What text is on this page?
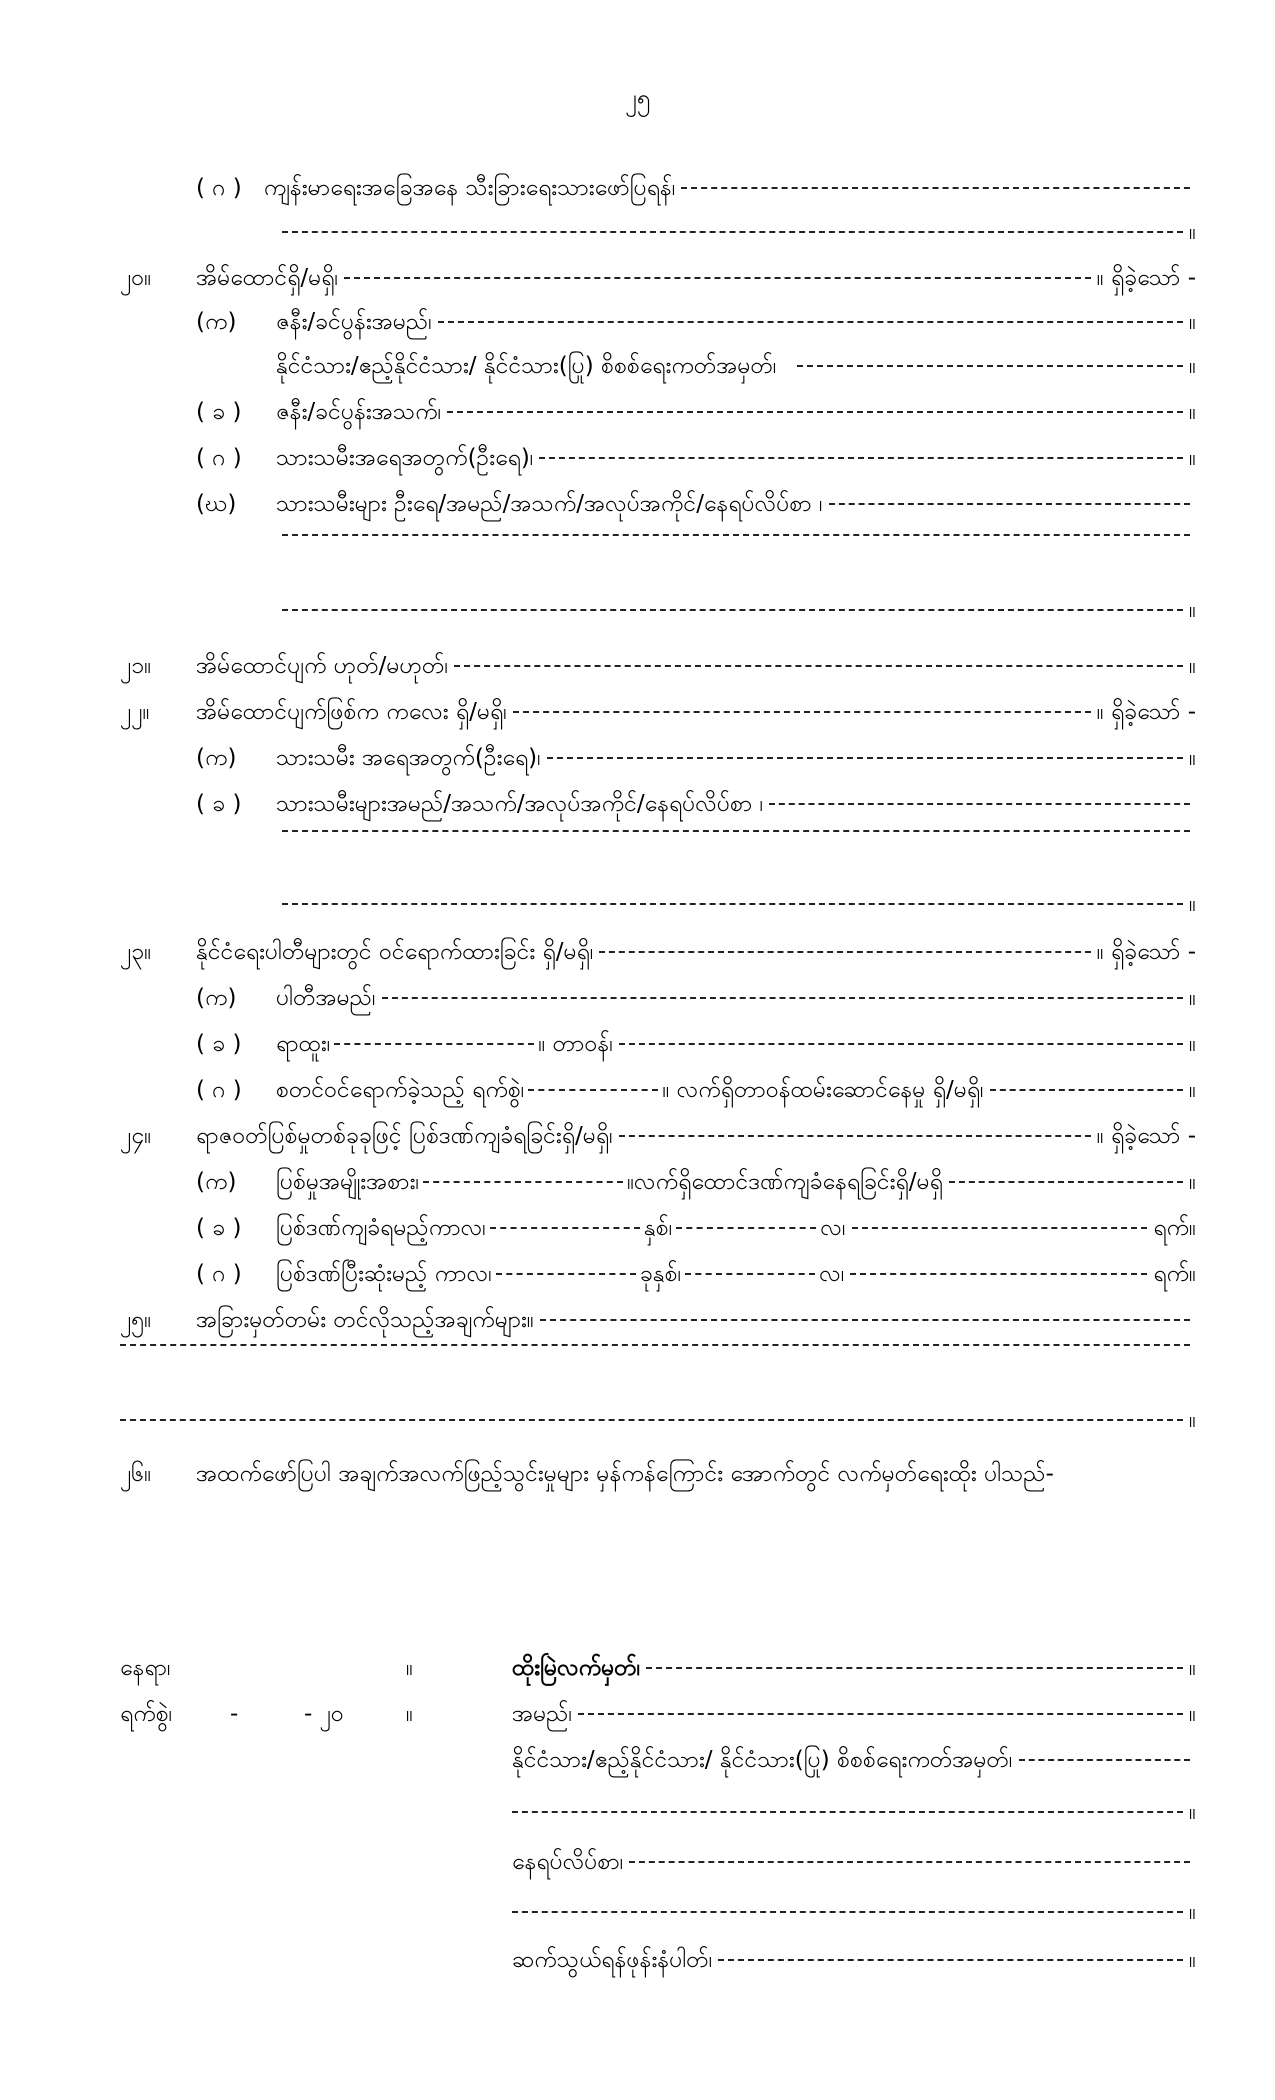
၂၅
( ဂ ) ကျန်းမာရေးအခြေအနေ သီးခြားရေးသားဖော်ပြရန်၊
။
၂၀။	အိမ်ထောင်ရှိ/မရှိ၊	။ ရှိခဲ့သော် -
(က)	ဇနီး/ခင်ပွန်းအမည်၊	။
နိုင်ငံသား/ဧည့်နိုင်ငံသား/ နိုင်ငံသား(ပြု) စိစစ်ရေးကတ်အမှတ်၊	။
( ခ )	ဇနီး/ခင်ပွန်းအသက်၊	။
( ဂ )	သားသမီးအရေအတွက်(ဦးရေ)၊	။
(ဃ)	သားသမီးများ ဦးရေ/အမည်/အသက်/အလုပ်အကိုင်/နေရပ်လိပ်စာ ၊
။
၂၁။	အိမ်ထောင်ပျက် ဟုတ်/မဟုတ်၊	။
၂၂။	အိမ်ထောင်ပျက်ဖြစ်က ကလေး ရှိ/မရှိ၊	။ ရှိခဲ့သော် -
(က)	သားသမီး အရေအတွက်(ဦးရေ)၊	။
( ခ )	သားသမီးများအမည်/အသက်/အလုပ်အကိုင်/နေရပ်လိပ်စာ ၊
။
၂၃။	နိုင်ငံရေးပါတီများတွင် ဝင်ရောက်ထားခြင်း ရှိ/မရှိ၊	။ ရှိခဲ့သော် -
(က)	ပါတီအမည်၊	။
( ခ )	ရာထူး၊	။ တာဝန်၊	။
( ဂ )	စတင်ဝင်ရောက်ခဲ့သည့် ရက်စွဲ၊	။ လက်ရှိတာဝန်ထမ်းဆောင်နေမှု ရှိ/မရှိ၊	။
၂၄။	ရာဇဝတ်ပြစ်မှုတစ်ခုခုဖြင့် ပြစ်ဒဏ်ကျခံရခြင်းရှိ/မရှိ၊	။ ရှိခဲ့သော် -
(က)	ပြစ်မှုအမျိုးအစား၊	။လက်ရှိထောင်ဒဏ်ကျခံနေရခြင်းရှိ/မရှိ	။
( ခ )	ပြစ်ဒဏ်ကျခံရမည့်ကာလ၊	နှစ်၊	လ၊	ရက်။
( ဂ )	ပြစ်ဒဏ်ပြီးဆုံးမည့် ကာလ၊	ခုနှစ်၊	လ၊	ရက်။
၂၅။	အခြားမှတ်တမ်း တင်လိုသည့်အချက်များ။
။
၂၆။ အထက်ဖော်ပြပါ အချက်အလက်ဖြည့်သွင်းမှုများ မှန်ကန်ကြောင်း အောက်တွင် လက်မှတ်ရေးထိုး ပါသည်-
နေရာ၊	။
ရက်စွဲ၊	-	- ၂၀	။
ထိုးမြဲလက်မှတ်၊	။
အမည်၊	။
နိုင်ငံသား/ဧည့်နိုင်ငံသား/ နိုင်ငံသား(ပြု) စိစစ်ရေးကတ်အမှတ်၊
။
နေရပ်လိပ်စာ၊
။
ဆက်သွယ်ရန်ဖုန်းနံပါတ်၊	။
